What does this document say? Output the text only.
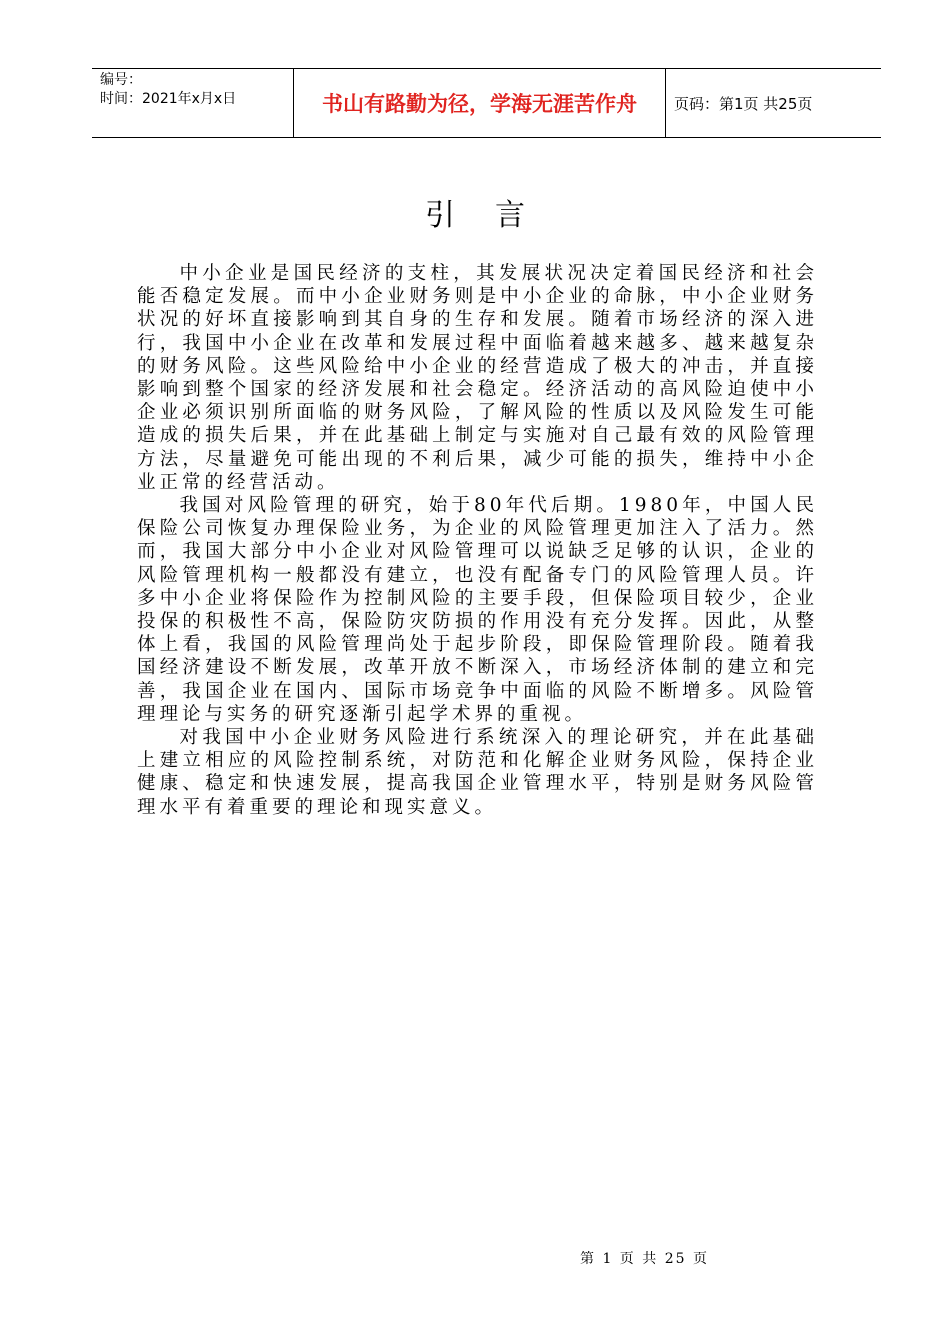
编号：
时间：2021年x月x日	书山有路勤为径，学海无涯苦作舟	页码：第1页 共25页
引言

中小企业是国民经济的支柱，其发展状况决定着国民经济和社会能否稳定发展。而中小企业财务则是中小企业的命脉，中小企业财务状况的好坏直接影响到其自身的生存和发展。随着市场经济的深入进行，我国中小企业在改革和发展过程中面临着越来越多、越来越复杂的财务风险。这些风险给中小企业的经营造成了极大的冲击，并直接影响到整个国家的经济发展和社会稳定。经济活动的高风险迫使中小企业必须识别所面临的财务风险，了解风险的性质以及风险发生可能造成的损失后果，并在此基础上制定与实施对自己最有效的风险管理方法，尽量避免可能出现的不利后果，减少可能的损失，维持中小企业正常的经营活动。

我国对风险管理的研究，始于80年代后期。1980年，中国人民保险公司恢复办理保险业务，为企业的风险管理更加注入了活力。然而，我国大部分中小企业对风险管理可以说缺乏足够的认识，企业的风险管理机构一般都没有建立，也没有配备专门的风险管理人员。许多中小企业将保险作为控制风险的主要手段，但保险项目较少，企业投保的积极性不高，保险防灾防损的作用没有充分发挥。因此，从整体上看，我国的风险管理尚处于起步阶段，即保险管理阶段。随着我国经济建设不断发展，改革开放不断深入，市场经济体制的建立和完善，我国企业在国内、国际市场竞争中面临的风险不断增多。风险管理理论与实务的研究逐渐引起学术界的重视。

对我国中小企业财务风险进行系统深入的理论研究，并在此基础上建立相应的风险控制系统，对防范和化解企业财务风险，保持企业健康、稳定和快速发展，提高我国企业管理水平，特别是财务风险管理水平有着重要的理论和现实意义。

第 1 页 共 25 页
